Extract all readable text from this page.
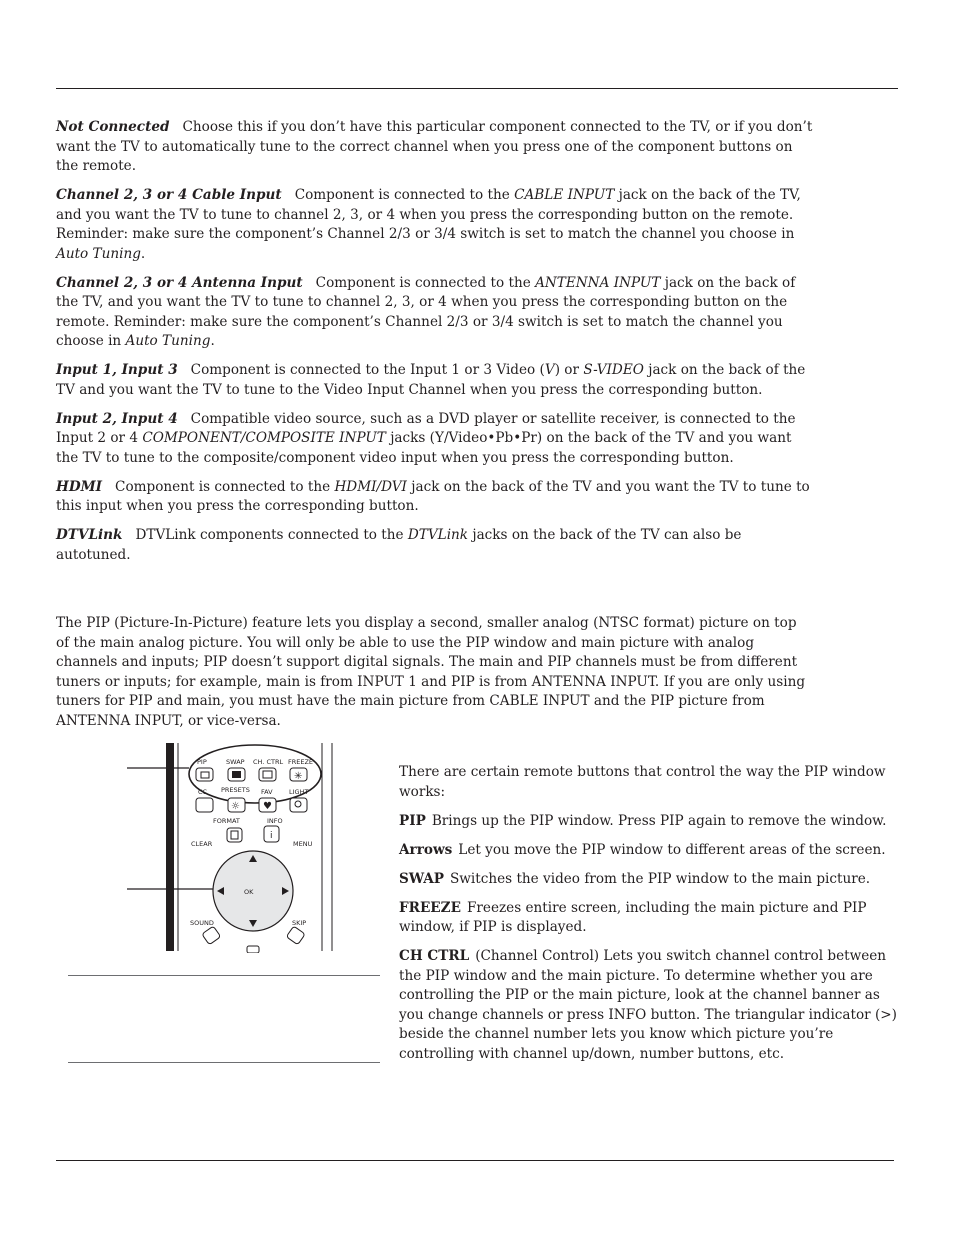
Not Connected Choose this if you don’t have this particular component connected to the TV, or if you don’t want the TV to automatically tune to the correct channel when you press one of the component buttons on the remote.

Channel 2, 3 or 4 Cable Input Component is connected to the CABLE INPUT jack on the back of the TV, and you want the TV to tune to channel 2, 3, or 4 when you press the corresponding button on the remote. Reminder: make sure the component’s Channel 2/3 or 3/4 switch is set to match the channel you choose in Auto Tuning.

Channel 2, 3 or 4 Antenna Input Component is connected to the ANTENNA INPUT jack on the back of the TV, and you want the TV to tune to channel 2, 3, or 4 when you press the corresponding button on the remote. Reminder: make sure the component’s Channel 2/3 or 3/4 switch is set to match the channel you choose in Auto Tuning.

Input 1, Input 3 Component is connected to the Input 1 or 3 Video (V) or S-VIDEO jack on the back of the TV and you want the TV to tune to the Video Input Channel when you press the corresponding button.

Input 2, Input 4 Compatible video source, such as a DVD player or satellite receiver, is connected to the Input 2 or 4 COMPONENT/COMPOSITE INPUT jacks (Y/Video•Pb•Pr) on the back of the TV and you want the TV to tune to the composite/component video input when you press the corresponding button.

HDMI Component is connected to the HDMI/DVI jack on the back of the TV and you want the TV to tune to this input when you press the corresponding button.

DTVLink DTVLink components connected to the DTVLink jacks on the back of the TV can also be autotuned.

The PIP (Picture-In-Picture) feature lets you display a second, smaller analog (NTSC format) picture on top of the main analog picture. You will only be able to use the PIP window and main picture with analog channels and inputs; PIP doesn’t support digital signals. The main and PIP channels must be from different tuners or inputs; for example, main is from INPUT 1 and PIP is from ANTENNA INPUT. If you are only using tuners for PIP and main, you must have the main picture from CABLE INPUT and the PIP picture from ANTENNA INPUT, or vice-versa.

PIP	SWAP CH. CTRL FREEZE
✳
CC PRESETS FAV	LIGHT
☼ ♥
FORMAT	INFO
i
CLEAR	MENU
OK
SOUND	SKIP

There are certain remote buttons that control the way the PIP window works:

PIP Brings up the PIP window. Press PIP again to remove the window.

Arrows Let you move the PIP window to different areas of the screen.

SWAP Switches the video from the PIP window to the main picture.

FREEZE Freezes entire screen, including the main picture and PIP window, if PIP is displayed.

CH CTRL (Channel Control) Lets you switch channel control between the PIP window and the main picture. To determine whether you are controlling the PIP or the main picture, look at the channel banner as you change channels or press INFO button. The triangular indicator (>) beside the channel number lets you know which picture you’re controlling with channel up/down, number buttons, etc.
